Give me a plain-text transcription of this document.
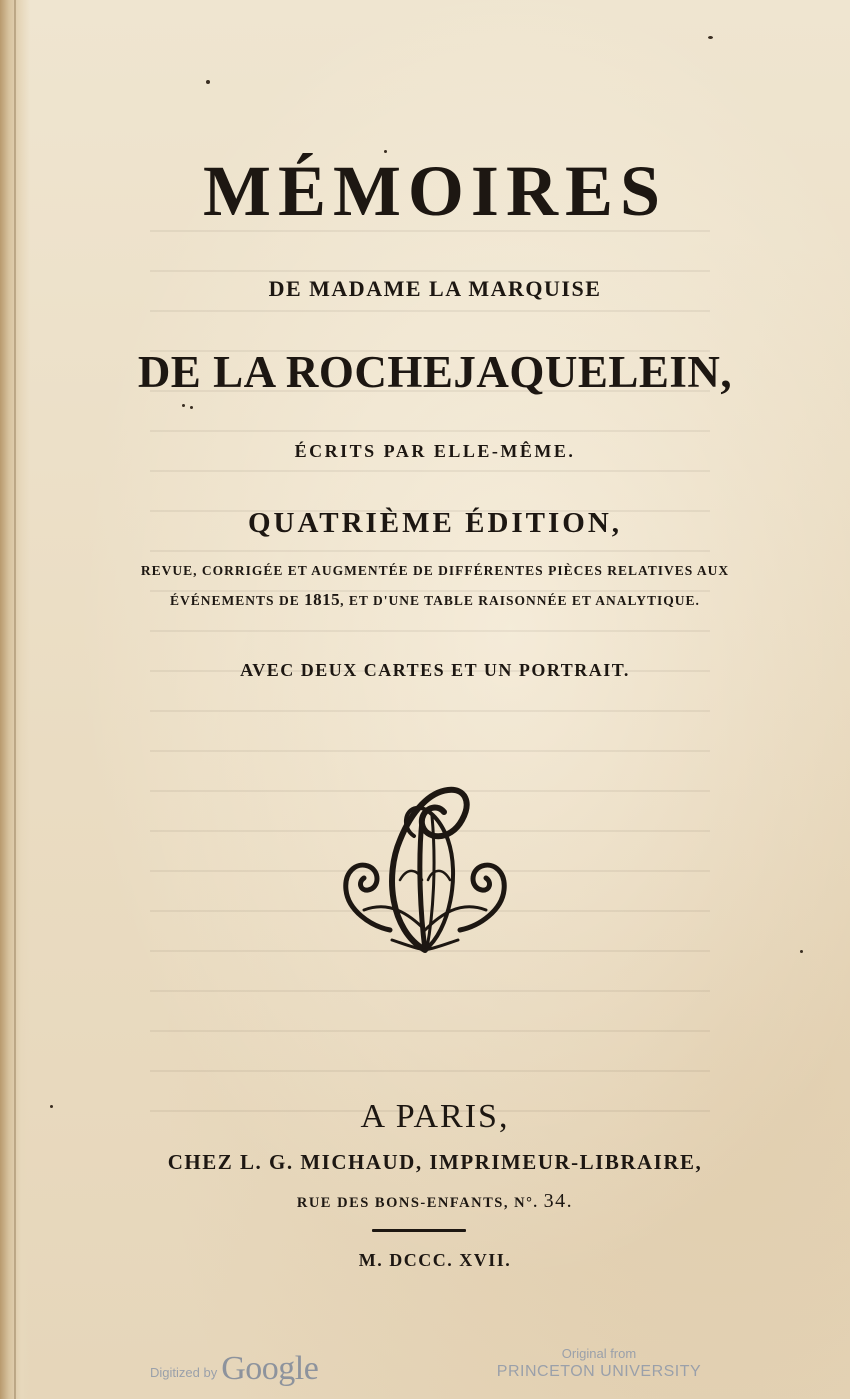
MÉMOIRES
DE MADAME LA MARQUISE
DE LA ROCHEJAQUELEIN,
ÉCRITS PAR ELLE-MÊME.
QUATRIÈME ÉDITION,
REVUE, CORRIGÉE ET AUGMENTÉE DE DIFFÉRENTES PIÈCES RELATIVES AUX
ÉVÉNEMENTS DE 1815, ET D'UNE TABLE RAISONNÉE ET ANALYTIQUE.
AVEC DEUX CARTES ET UN PORTRAIT.
A PARIS,
CHEZ L. G. MICHAUD, IMPRIMEUR-LIBRAIRE,
RUE DES BONS-ENFANTS, N°. 34.
M. DCCC. XVII.
Digitized by Google	Original from
PRINCETON UNIVERSITY
